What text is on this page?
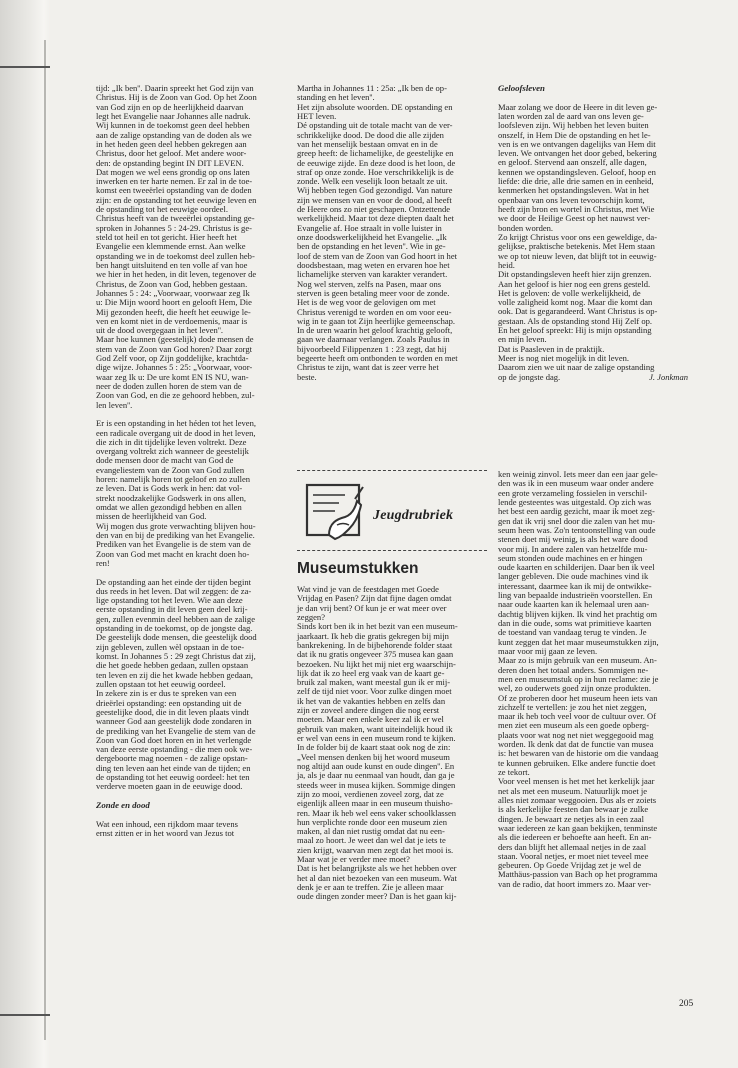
tijd: „Ik ben''. Daarin spreekt het God zijn van
Christus. Hij is de Zoon van God. Op het Zoon
van God zijn en op de heerlijkheid daarvan
legt het Evangelie naar Johannes alle nadruk.
Wij kunnen in de toekomst geen deel hebben
aan de zalige opstanding van de doden als we
in het heden geen deel hebben gekregen aan
Christus, door het geloof. Met andere woor-
den: de opstanding begint IN DIT LEVEN.
Dat mogen we wel eens grondig op ons laten
inwerken en ter harte nemen. Er zal in de toe-
komst een tweeërlei opstanding van de doden
zijn: en de opstanding tot het eeuwige leven en
de opstanding tot het eeuwige oordeel.
Christus heeft van de tweeërlei opstanding ge-
sproken in Johannes 5 : 24-29. Christus is ge-
steld tot heil en tot gericht. Hier heeft het
Evangelie een klemmende ernst. Aan welke
opstanding we in de toekomst deel zullen heb-
ben hangt uitsluitend en ten volle af van hoe
we hier in het heden, in dit leven, tegenover de
Christus, de Zoon van God, hebben gestaan.
Johannes 5 : 24: „Voorwaar, voorwaar zeg Ik
u: Die Mijn woord hoort en gelooft Hem, Die
Mij gezonden heeft, die heeft het eeuwige le-
ven en komt niet in de verdoemenis, maar is
uit de dood overgegaan in het leven''.
Maar hoe kunnen (geestelijk) dode mensen de
stem van de Zoon van God horen? Daar zorgt
God Zelf voor, op Zijn goddelijke, krachtda-
dige wijze. Johannes 5 : 25: „Voorwaar, voor-
waar zeg Ik u: De ure komt EN IS NU, wan-
neer de doden zullen horen de stem van de
Zoon van God, en die ze gehoord hebben, zul-
len leven''.

Er is een opstanding in het héden tot het leven,
een radicale overgang uit de dood in het leven,
die zich in dit tijdelijke leven voltrekt. Deze
overgang voltrekt zich wanneer de geestelijk
dode mensen door de macht van God de
evangeliestem van de Zoon van God zullen
horen: namelijk horen tot geloof en zo zullen
ze leven. Dat is Gods werk in hen: dat vol-
strekt noodzakelijke Godswerk in ons allen,
omdat we allen gezondigd hebben en allen
missen de heerlijkheid van God.
Wij mogen dus grote verwachting blijven hou-
den van en bij de prediking van het Evangelie.
Prediken van het Evangelie is de stem van de
Zoon van God met macht en kracht doen ho-
ren!

De opstanding aan het einde der tijden begint
dus reeds in het leven. Dat wil zeggen: de za-
lige opstanding tot het leven. Wie aan deze
eerste opstanding in dit leven geen deel krij-
gen, zullen evenmin deel hebben aan de zalige
opstanding in de toekomst, op de jongste dag.
De geestelijk dode mensen, die geestelijk dood
zijn gebleven, zullen wèl opstaan in de toe-
komst. In Johannes 5 : 29 zegt Christus dat zij,
die het goede hebben gedaan, zullen opstaan
ten leven en zij die het kwade hebben gedaan,
zullen opstaan tot het eeuwig oordeel.
In zekere zin is er dus te spreken van een
drieërlei opstanding: een opstanding uit de
geestelijke dood, die in dit leven plaats vindt
wanneer God aan geestelijk dode zondaren in
de prediking van het Evangelie de stem van de
Zoon van God doet horen en in het verlengde
van deze eerste opstanding - die men ook we-
dergeboorte mag noemen - de zalige opstan-
ding ten leven aan het einde van de tijden; en
de opstanding tot het eeuwig oordeel: het ten
verderve moeten gaan in de eeuwige dood.

Zonde en dood

Wat een inhoud, een rijkdom maar tevens
ernst zitten er in het woord van Jezus tot

Martha in Johannes 11 : 25a: „Ik ben de op-
standing en het leven''.
Het zijn absolute woorden. DE opstanding en
HET leven.
Dé opstanding uit de totale macht van de ver-
schrikkelijke dood. De dood die alle zijden
van het menselijk bestaan omvat en in de
greep heeft: de lichamelijke, de geestelijke en
de eeuwige zijde. En deze dood is het loon, de
straf op onze zonde. Hoe verschrikkelijk is de
zonde. Welk een veselijk loon betaalt ze uit.
Wij hebben tegen God gezondigd. Van nature
zijn we mensen van en voor de dood, al heeft
de Heere ons zo niet geschapen. Ontzettende
werkelijkheid. Maar tot deze diepten daalt het
Evangelie af. Hoe straalt in volle luister in
onze doodswerkelijkheid het Evangelie. „Ik
ben de opstanding en het leven''. Wie in ge-
loof de stem van de Zoon van God hoort in het
doodsbestaan, mag weten en ervaren hoe het
lichamelijke sterven van karakter verandert.
Nog wel sterven, zelfs na Pasen, maar ons
sterven is geen betaling meer voor de zonde.
Het is de weg voor de gelovigen om met
Christus verenigd te worden en om voor eeu-
wig in te gaan tot Zijn heerlijke gemeenschap.
In de uren waarin het geloof krachtig gelooft,
gaan we daarnaar verlangen. Zoals Paulus in
bijvoorbeeld Filippenzen 1 : 23 zegt, dat hij
begeerte heeft om ontbonden te worden en met
Christus te zijn, want dat is zeer verre het
beste.

Geloofsleven

Maar zolang we door de Heere in dit leven ge-
laten worden zal de aard van ons leven ge-
loofsleven zijn. Wij hebben het leven buiten
onszelf, in Hem Die de opstanding en het le-
ven is en we ontvangen dagelijks van Hem dit
leven. We ontvangen het door gebed, bekering
en geloof. Stervend aan onszelf, alle dagen,
kennen we opstandingsleven. Geloof, hoop en
liefde: die drie, alle drie samen en in eenheid,
kenmerken het opstandingsleven. Wat in het
openbaar van ons leven tevoorschijn komt,
heeft zijn bron en wortel in Christus, met Wie
we door de Heilige Geest op het nauwst ver-
bonden worden.
Zo krijgt Christus voor ons een geweldige, da-
gelijkse, praktische betekenis. Met Hem staan
we op tot nieuw leven, dat blijft tot in eeuwig-
heid.
Dit opstandingsleven heeft hier zijn grenzen.
Aan het geloof is hier nog een grens gesteld.
Het is geloven: de volle werkelijkheid, de
volle zaligheid komt nog. Maar die komt dan
ook. Dat is gegarandeerd. Want Christus is op-
gestaan. Als de opstanding stond Hij Zelf op.
En het geloof spreekt: Hij is mijn opstanding
en mijn leven.
Dat is Paasleven in de praktijk.
Meer is nog niet mogelijk in dit leven.
Daarom zien we uit naar de zalige opstanding

op de jongste dag.	J. Jonkman
Jeugdrubriek
Museumstukken

Wat vind je van de feestdagen met Goede
Vrijdag en Pasen? Zijn dat fijne dagen omdat
je dan vrij bent? Of kun je er wat meer over
zeggen?
Sinds kort ben ik in het bezit van een museum-
jaarkaart. Ik heb die gratis gekregen bij mijn
bankrekening. In de bijbehorende folder staat
dat ik nu gratis ongeveer 375 musea kan gaan
bezoeken. Nu lijkt het mij niet erg waarschijn-
lijk dat ik zo heel erg vaak van de kaart ge-
bruik zal maken, want meestal gun ik er mij-
zelf de tijd niet voor. Voor zulke dingen moet
ik het van de vakanties hebben en zelfs dan
zijn er zoveel andere dingen die nog eerst
moeten. Maar een enkele keer zal ik er wel
gebruik van maken, want uiteindelijk houd ik
er wel van eens in een museum rond te kijken.
In de folder bij de kaart staat ook nog de zin:
„Veel mensen denken bij het woord museum
nog altijd aan oude kunst en oude dingen''. En
ja, als je daar nu eenmaal van houdt, dan ga je
steeds weer in musea kijken. Sommige dingen
zijn zo mooi, verdienen zoveel zorg, dat ze
eigenlijk alleen maar in een museum thuisho-
ren. Maar ik heb wel eens vaker schoolklassen
hun verplichte ronde door een museum zien
maken, al dan niet rustig omdat dat nu een-
maal zo hoort. Je weet dan wel dat je iets te
zien krijgt, waarvan men zegt dat het mooi is.
Maar wat je er verder mee moet?
Dat is het belangrijkste als we het hebben over
het al dan niet bezoeken van een museum. Wat
denk je er aan te treffen. Zie je alleen maar
oude dingen zonder meer? Dan is het gaan kij-

ken weinig zinvol. Iets meer dan een jaar gele-
den was ik in een museum waar onder andere
een grote verzameling fossielen in verschil-
lende gesteentes was uitgestald. Op zich was
het best een aardig gezicht, maar ik moet zeg-
gen dat ik vrij snel door die zalen van het mu-
seum heen was. Zo'n tentoonstelling van oude
stenen doet mij weinig, is als het ware dood
voor mij. In andere zalen van hetzelfde mu-
seum stonden oude machines en er hingen
oude kaarten en schilderijen. Daar ben ik veel
langer gebleven. Die oude machines vind ik
interessant, daarmee kan ik mij de ontwikke-
ling van bepaalde industrieën voorstellen. En
naar oude kaarten kan ik helemaal uren aan-
dachtig blijven kijken. Ik vind het prachtig om
dan in die oude, soms wat primitieve kaarten
de toestand van vandaag terug te vinden. Je
kunt zeggen dat het maar museumstukken zijn,
maar voor mij gaan ze leven.
Maar zo is mijn gebruik van een museum. An-
deren doen het totaal anders. Sommigen ne-
men een museumstuk op in hun reclame: zie je
wel, zo ouderwets goed zijn onze produkten.
Of ze proberen door het museum heen iets van
zichzelf te vertellen: je zou het niet zeggen,
maar ik heb toch veel voor de cultuur over. Of
men ziet een museum als een goede opberg-
plaats voor wat nog net niet weggegooid mag
worden. Ik denk dat dat de functie van musea
is: het bewaren van de historie om die vandaag
te kunnen gebruiken. Elke andere functie doet
ze tekort.
Voor veel mensen is het met het kerkelijk jaar
net als met een museum. Natuurlijk moet je
alles niet zomaar weggooien. Dus als er zoiets
is als kerkelijke feesten dan bewaar je zulke
dingen. Je bewaart ze netjes als in een zaal
waar iedereen ze kan gaan bekijken, tenminste
als die iedereen er behoefte aan heeft. En an-
ders dan blijft het allemaal netjes in de zaal
staan. Vooral netjes, er moet niet teveel mee
gebeuren. Op Goede Vrijdag zet je wel de
Matthäus-passion van Bach op het programma
van de radio, dat hoort immers zo. Maar ver-

205
